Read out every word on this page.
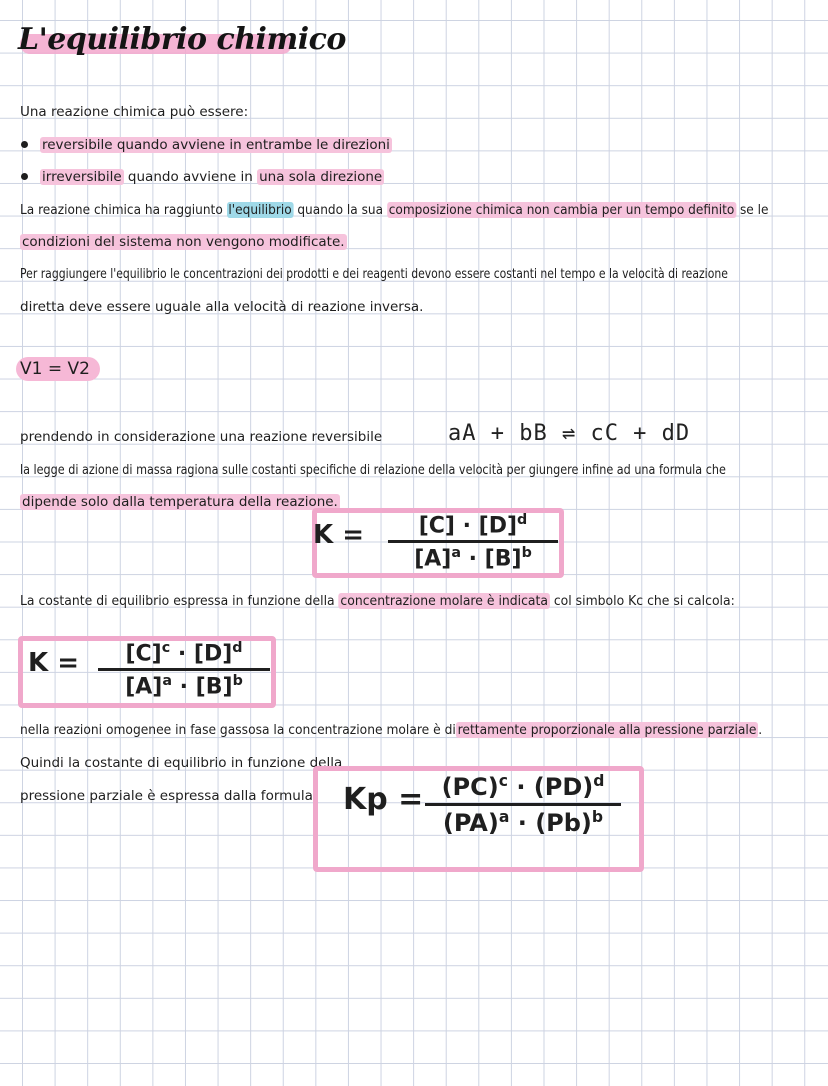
L'equilibrio chimico
Una reazione chimica può essere:
reversibile quando avviene in entrambe le direzioni
irreversibile quando avviene in una sola direzione
La reazione chimica ha raggiunto l'equilibrio quando la sua composizione chimica non cambia per un tempo definito se le
condizioni del sistema non vengono modificate.
Per raggiungere l'equilibrio le concentrazioni dei prodotti e dei reagenti devono essere costanti nel tempo e la velocità di reazione
diretta deve essere uguale alla velocità di reazione inversa.
V1 = V2
prendendo in considerazione una reazione reversibile	aA + bB ⇌ cC + dD
la legge di azione di massa ragiona sulle costanti specifiche di relazione della velocità per giungere infine ad una formula che
dipende solo dalla temperatura della reazione.
$K = [C] \cdot [D]^d$
$[A]^a \cdot [B]^b$
La costante di equilibrio espressa in funzione della concentrazione molare è indicata col simbolo Kc che si calcola:
$K = [C]^c \cdot [D]^d$
$[A]^a \cdot [B]^b$
nella reazioni omogenee in fase gassosa la concentrazione molare è di rettamente proporzionale alla pressione parziale .
Quindi la costante di equilibrio in funzione della
pressione parziale è espressa dalla formula: Kp = (PC)$^c$ · (PD)$^d$
$(PA)^a \cdot (Pb)^b$
